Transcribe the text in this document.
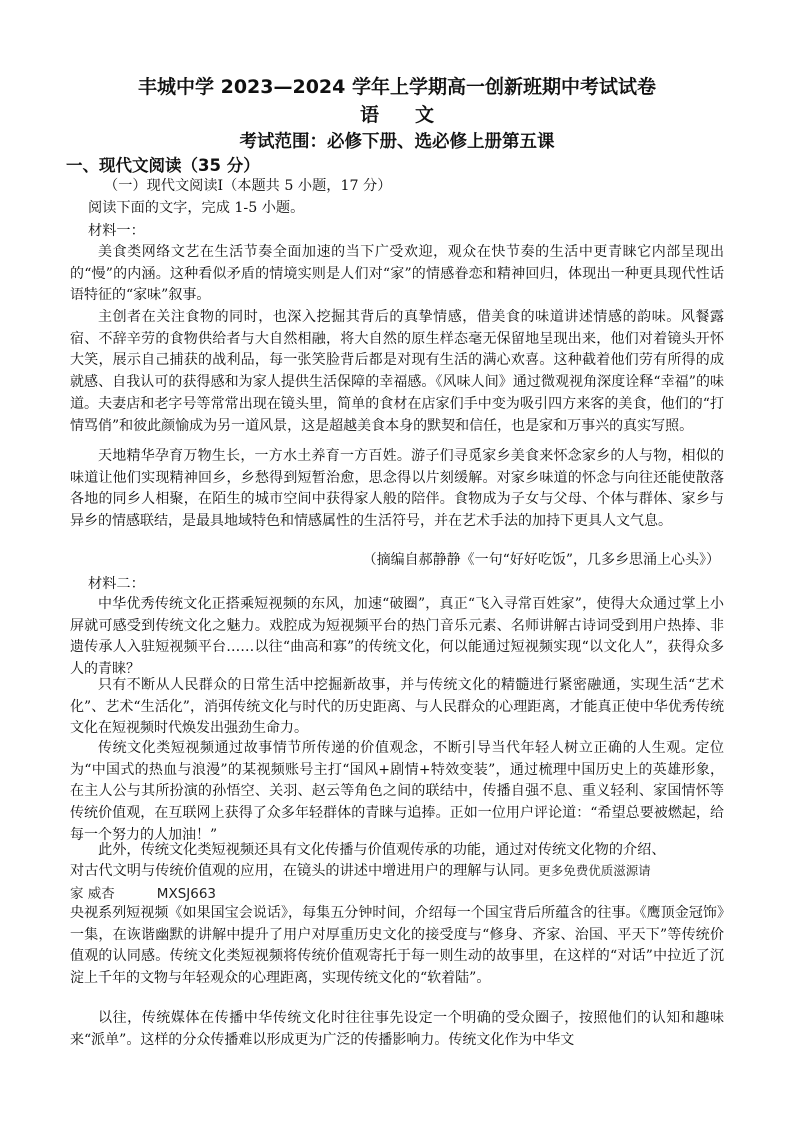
丰城中学 2023—2024 学年上学期高一创新班期中考试试卷
语 文
考试范围：必修下册、选必修上册第五课
一、现代文阅读（35 分）
（一）现代文阅读Ⅰ（本题共 5 小题，17 分）
阅读下面的文字，完成 1-5 小题。
材料一：
美食类网络文艺在生活节奏全面加速的当下广受欢迎，观众在快节奏的生活中更青睐它内部呈现出的“慢”的内涵。这种看似矛盾的情境实则是人们对“家”的情感眷恋和精神回归，体现出一种更具现代性话语特征的“家味”叙事。
主创者在关注食物的同时，也深入挖掘其背后的真挚情感，借美食的味道讲述情感的韵味。风餐露宿、不辞辛劳的食物供给者与大自然相融，将大自然的原生样态毫无保留地呈现出来，他们对着镜头开怀大笑，展示自己捕获的战利品，每一张笑脸背后都是对现有生活的满心欢喜。这种截着他们劳有所得的成就感、自我认可的获得感和为家人提供生活保障的幸福感。《风味人间》通过微观视角深度诠释“幸福”的味道。夫妻店和老字号等常常出现在镜头里，简单的食材在店家们手中变为吸引四方来客的美食，他们的“打情骂俏”和彼此颜愉成为另一道风景，这是超越美食本身的默契和信任，也是家和万事兴的真实写照。
天地精华孕育万物生长，一方水土养育一方百姓。游子们寻觅家乡美食来怀念家乡的人与物，相似的味道让他们实现精神回乡，乡愁得到短暂治愈，思念得以片刻缓解。对家乡味道的怀念与向往还能使散落各地的同乡人相聚，在陌生的城市空间中获得家人般的陪伴。食物成为子女与父母、个体与群体、家乡与异乡的情感联结，是最具地域特色和情感属性的生活符号，并在艺术手法的加持下更具人文气息。
（摘编自郝静静《一句“好好吃饭”，几多乡思涌上心头》）
材料二：
中华优秀传统文化正搭乘短视频的东风，加速“破圈”，真正“飞入寻常百姓家”，使得大众通过掌上小屏就可感受到传统文化之魅力。戏腔成为短视频平台的热门音乐元素、名师讲解古诗词受到用户热捧、非遗传承人入驻短视频平台……以往“曲高和寡”的传统文化，何以能通过短视频实现“以文化人”，获得众多人的青睐？
只有不断从人民群众的日常生活中挖掘新故事，并与传统文化的精髓进行紧密融通，实现生活“艺术化”、艺术“生活化”，消弭传统文化与时代的历史距离、与人民群众的心理距离，才能真正使中华优秀传统文化在短视频时代焕发出强劲生命力。
传统文化类短视频通过故事情节所传递的价值观念，不断引导当代年轻人树立正确的人生观。定位为“中国式的热血与浪漫”的某视频账号主打“国风+剧情+特效变装”，通过梳理中国历史上的英雄形象，在主人公与其所扮演的孙悟空、关羽、赵云等角色之间的联结中，传播自强不息、重义轻利、家国情怀等传统价值观，在互联网上获得了众多年轻群体的青睐与追捧。正如一位用户评论道：“希望总要被燃起，给每一个努力的人加油！”
此外，传统文化类短视频还具有文化传播与价值观传承的功能，通过对传统文化物的介绍、
对古代文明与传统价值观的应用，在镜头的讲述中增进用户的理解与认同。更多免费优质滋源请
家 威杏	MXSJ663
央视系列短视频《如果国宝会说话》，每集五分钟时间，介绍每一个国宝背后所蕴含的往事。《鹰顶金冠饰》一集，在诙谐幽默的讲解中提升了用户对厚重历史文化的接受度与“修身、齐家、治国、平天下”等传统价值观的认同感。传统文化类短视频将传统价值观寄托于每一则生动的故事里，在这样的“对话”中拉近了沉淀上千年的文物与年轻观众的心理距离，实现传统文化的“软着陆”。
以往，传统媒体在传播中华传统文化时往往事先设定一个明确的受众圈子，按照他们的认知和趣味来“派单”。这样的分众传播难以形成更为广泛的传播影响力。传统文化作为中华文
